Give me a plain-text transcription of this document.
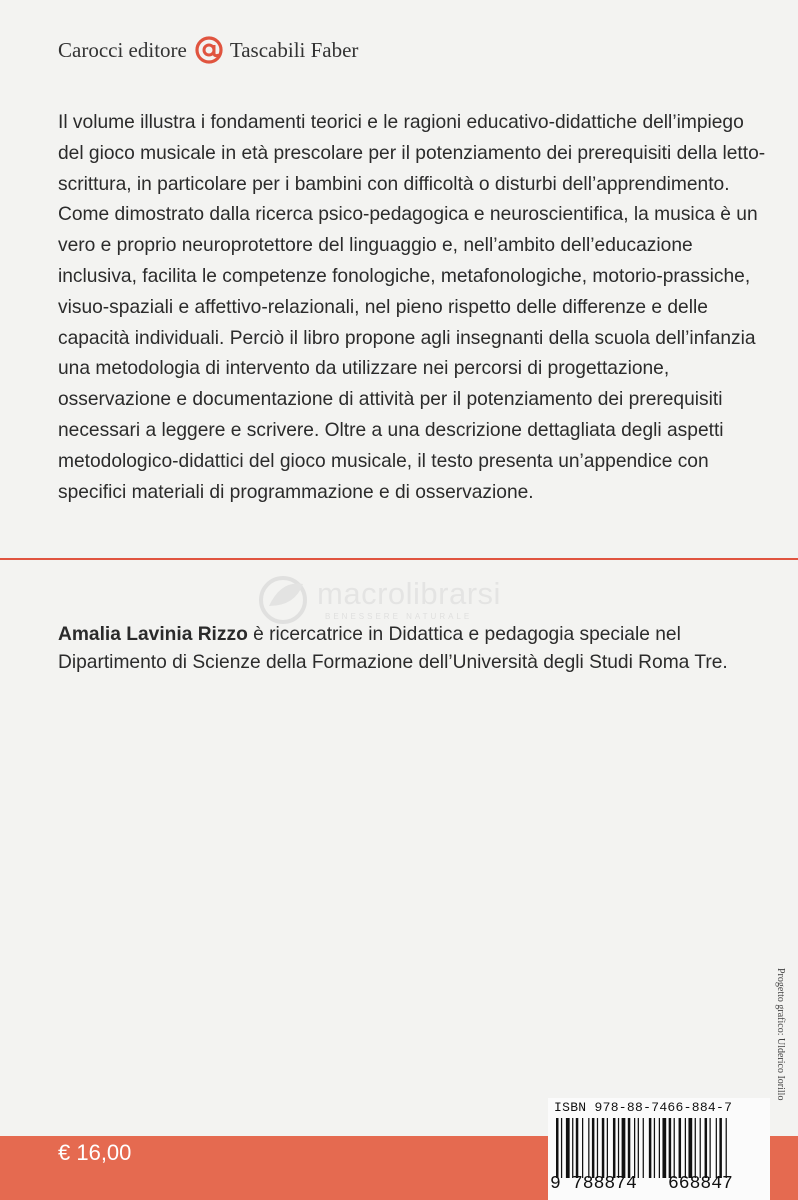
Carocci editore Tascabili Faber

Il volume illustra i fondamenti teorici e le ragioni educativo-didattiche dell’impiego del gioco musicale in età prescolare per il potenziamento dei prerequisiti della letto-scrittura, in particolare per i bambini con difficoltà o disturbi dell’apprendimento. Come dimostrato dalla ricerca psico-pedagogica e neuroscientifica, la musica è un vero e proprio neuroprotettore del linguaggio e, nell’ambito dell’educazione inclusiva, facilita le competenze fonologiche, metafonologiche, motorio-prassiche, visuo-spaziali e affettivo-relazionali, nel pieno rispetto delle differenze e delle capacità individuali. Perciò il libro propone agli insegnanti della scuola dell’infanzia una metodologia di intervento da utilizzare nei percorsi di progettazione, osservazione e documentazione di attività per il potenziamento dei prerequisiti necessari a leggere e scrivere. Oltre a una descrizione dettagliata degli aspetti metodologico-didattici del gioco musicale, il testo presenta un’appendice con specifici materiali di programmazione e di osservazione.

macrolibrarsi
BENESSERE NATURALE

Amalia Lavinia Rizzo è ricercatrice in Didattica e pedagogia speciale nel Dipartimento di Scienze della Formazione dell’Università degli Studi Roma Tre.

Progetto grafico: Ulderico Iorillo
€ 16,00
ISBN 978-88-7466-884-7
9 788874 668847
